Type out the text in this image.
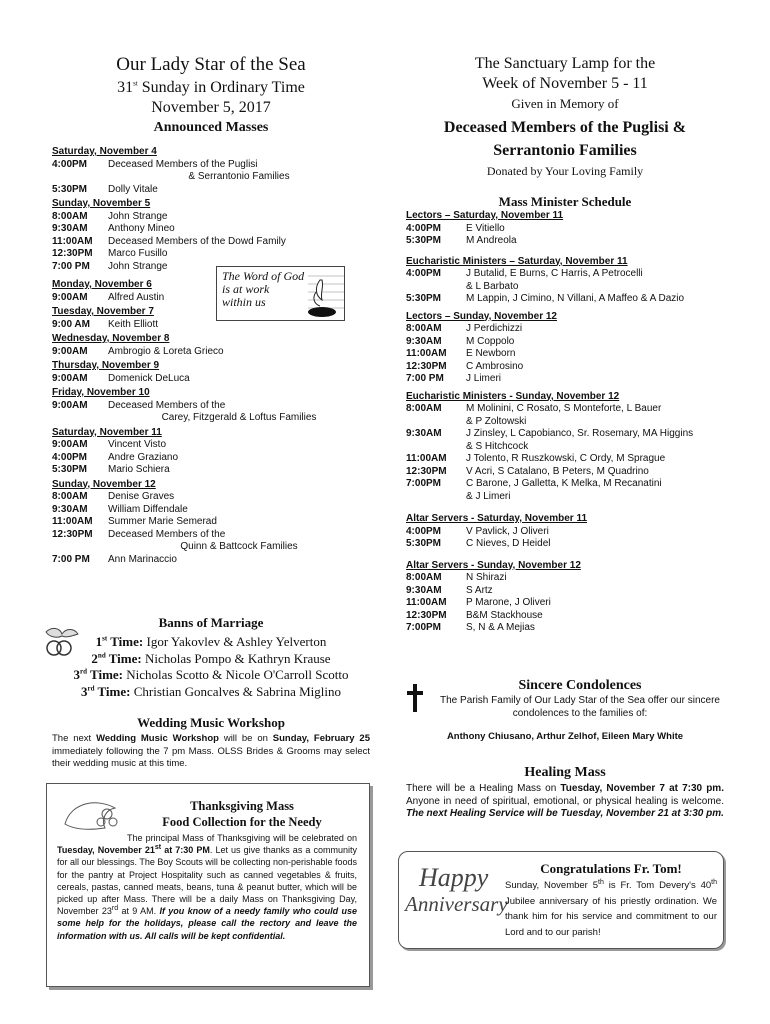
Our Lady Star of the Sea
31st Sunday in Ordinary Time
November 5, 2017
Announced Masses
Saturday, November 4
4:00PM	Deceased Members of the Puglisi
& Serrantonio Families
5:30PM	Dolly Vitale
Sunday, November 5
8:00AM	John Strange
9:30AM	Anthony Mineo
11:00AM	Deceased Members of the Dowd Family
12:30PM	Marco Fusillo
7:00 PM	John Strange
Monday, November 6
9:00AM	Alfred Austin
Tuesday, November 7
9:00 AM	Keith Elliott
Wednesday, November 8
9:00AM	Ambrogio & Loreta Grieco
Thursday, November 9
9:00AM	Domenick DeLuca
Friday, November 10
9:00AM	Deceased Members of the
Carey, Fitzgerald & Loftus Families
Saturday, November 11
9:00AM	Vincent Visto
4:00PM	Andre Graziano
5:30PM	Mario Schiera
Sunday, November 12
8:00AM	Denise Graves
9:30AM	William Diffendale
11:00AM	Summer Marie Semerad
12:30PM	Deceased Members of the
Quinn & Battcock Families
7:00 PM	Ann Marinaccio
The Word of God
is at work
within us
Banns of Marriage
1st Time: Igor Yakovlev & Ashley Yelverton
2nd Time: Nicholas Pompo & Kathryn Krause
3rd Time: Nicholas Scotto & Nicole O'Carroll Scotto
3rd Time: Christian Goncalves & Sabrina Miglino
Wedding Music Workshop
The next Wedding Music Workshop will be on Sunday, February 25 immediately following the 7 pm Mass. OLSS Brides & Grooms may select their wedding music at this time.
Thanksgiving Mass
Food Collection for the Needy
The principal Mass of Thanksgiving will be celebrated on Tuesday, November 21st at 7:30 PM. Let us give thanks as a community for all our blessings. The Boy Scouts will be collecting non-perishable foods for the pantry at Project Hospitality such as canned vegetables & fruits, cereals, pastas, canned meats, beans, tuna & peanut butter, which will be picked up after Mass. There will be a daily Mass on Thanksgiving Day, November 23rd at 9 AM. If you know of a needy family who could use some help for the holidays, please call the rectory and leave the information with us. All calls will be kept confidential.
The Sanctuary Lamp for the
Week of November 5 - 11
Given in Memory of
Deceased Members of the Puglisi &
Serrantonio Families
Donated by Your Loving Family
Mass Minister Schedule
Lectors – Saturday, November 11
4:00PM	E Vitiello
5:30PM	M Andreola
Eucharistic Ministers – Saturday, November 11
4:00PM	J Butalid, E Burns, C Harris, A Petrocelli
& L Barbato
5:30PM	M Lappin, J Cimino, N Villani, A Maffeo & A Dazio
Lectors – Sunday, November 12
8:00AM	J Perdichizzi
9:30AM	M Coppolo
11:00AM	E Newborn
12:30PM	C Ambrosino
7:00 PM	J Limeri
Eucharistic Ministers - Sunday, November 12
8:00AM	M Molinini, C Rosato, S Monteforte, L Bauer
& P Zoltowski
9:30AM	J Zinsley, L Capobianco, Sr. Rosemary, MA Higgins
& S Hitchcock
11:00AM	J Tolento, R Ruszkowski, C Ordy, M Sprague
12:30PM	V Acri, S Catalano, B Peters, M Quadrino
7:00PM	C Barone, J Galletta, K Melka, M Recanatini
& J Limeri
Altar Servers - Saturday, November 11
4:00PM	V Pavlick, J Oliveri
5:30PM	C Nieves, D Heidel
Altar Servers - Sunday, November 12
8:00AM	N Shirazi
9:30AM	S Artz
11:00AM	P Marone, J Oliveri
12:30PM	B&M Stackhouse
7:00PM	S, N & A Mejias
Sincere Condolences
The Parish Family of Our Lady Star of the Sea offer our sincere condolences to the families of:
Anthony Chiusano, Arthur Zelhof, Eileen Mary White
Healing Mass
There will be a Healing Mass on Tuesday, November 7 at 7:30 pm. Anyone in need of spiritual, emotional, or physical healing is welcome. The next Healing Service will be Tuesday, November 21 at 3:30 pm.
Happy
Anniversary
Congratulations Fr. Tom!
Sunday, November 5th is Fr. Tom Devery's 40th Jubilee anniversary of his priestly ordination. We thank him for his service and commitment to our Lord and to our parish!
